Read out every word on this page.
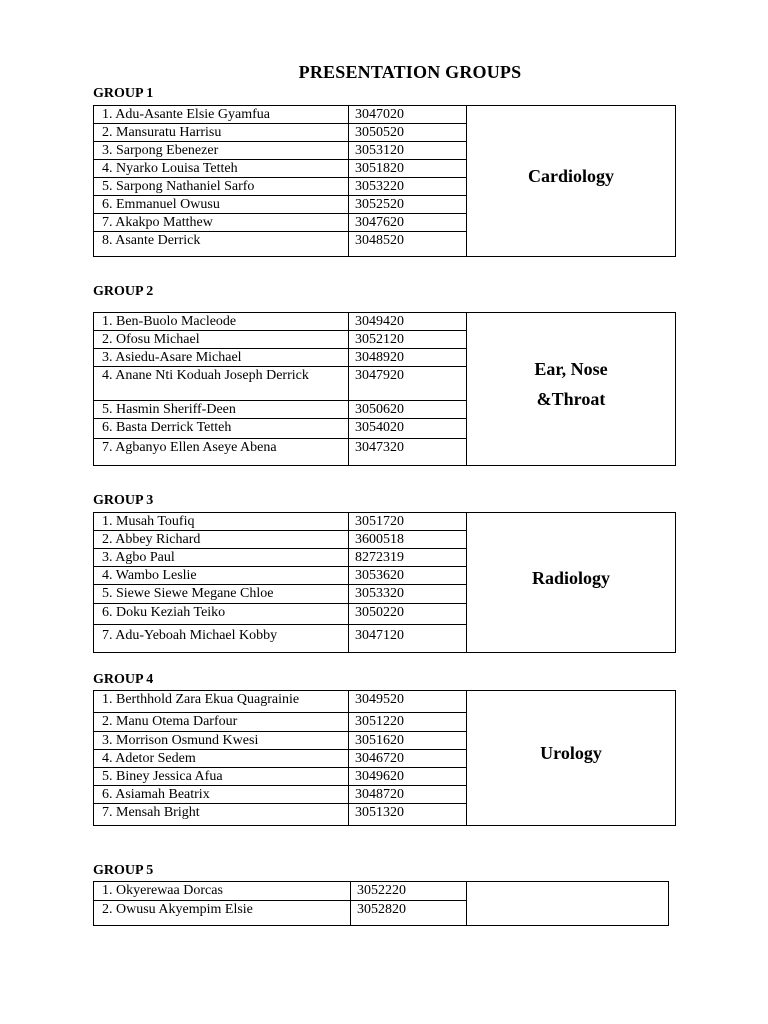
PRESENTATION GROUPS
GROUP 1
1. Adu-Asante Elsie Gyamfua	3047020	Cardiology
2. Mansuratu Harrisu	3050520	
3. Sarpong Ebenezer	3053120	
4. Nyarko Louisa Tetteh	3051820	
5. Sarpong Nathaniel Sarfo	3053220	
6. Emmanuel Owusu	3052520	
7. Akakpo Matthew	3047620	
8. Asante Derrick	3048520	
GROUP 2
1. Ben-Buolo Macleode	3049420	Ear, Nose
&Throat

2. Ofosu Michael	3052120	
3. Asiedu-Asare Michael	3048920	
4. Anane Nti Koduah Joseph Derrick	3047920	
5. Hasmin Sheriff-Deen	3050620	
6. Basta Derrick Tetteh	3054020	
7. Agbanyo Ellen Aseye Abena	3047320	
GROUP 3
1. Musah Toufiq	3051720	Radiology
2. Abbey Richard	3600518	
3. Agbo Paul	8272319	
4. Wambo Leslie	3053620	
5. Siewe Siewe Megane Chloe	3053320	
6. Doku Keziah Teiko	3050220	
7. Adu-Yeboah Michael Kobby	3047120	
GROUP 4
1. Berthhold Zara Ekua Quagrainie	3049520	Urology
2. Manu Otema Darfour	3051220	
3. Morrison Osmund Kwesi	3051620	
4. Adetor Sedem	3046720	
5. Biney Jessica Afua	3049620	
6. Asiamah Beatrix	3048720	
7. Mensah Bright	3051320	
GROUP 5
1. Okyerewaa Dorcas	3052220	
2. Owusu Akyempim Elsie	3052820	
